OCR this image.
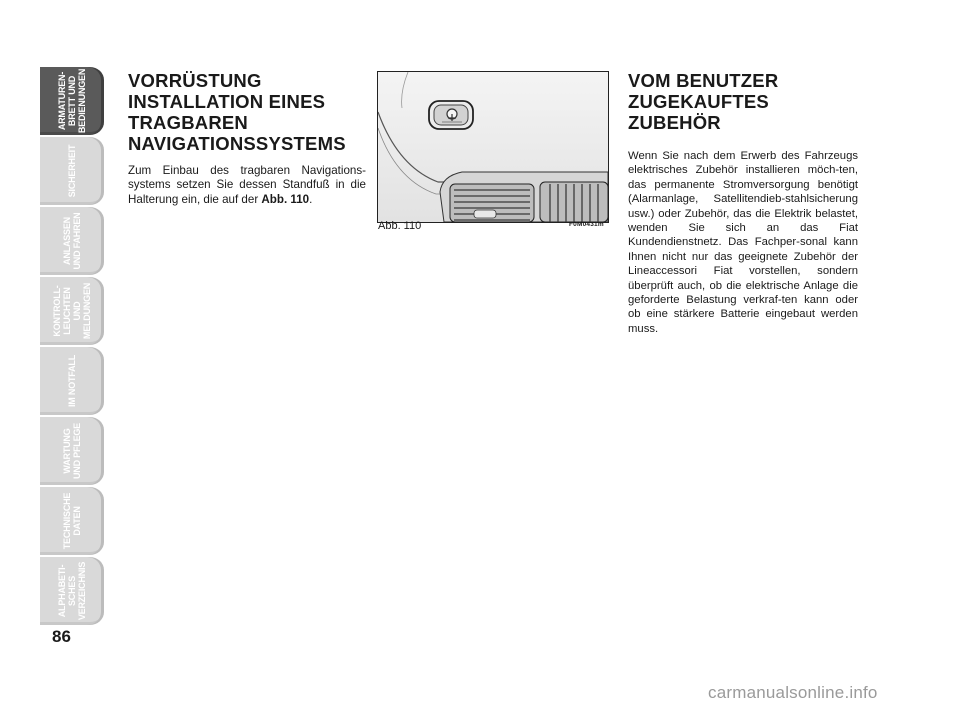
ARMATUREN-
BRETT UND
BEDIENUNGEN
SICHERHEIT
ANLASSEN
UND FAHREN
KONTROLL-
LEUCHTEN UND
MELDUNGEN
IM NOTFALL
WARTUNG
UND PFLEGE
TECHNISCHE
DATEN
ALPHABETI-
SCHES
VERZEICHNIS
86
VORRÜSTUNG
INSTALLATION EINES
TRAGBAREN
NAVIGATIONSSYSTEMS

Zum Einbau des tragbaren Navigations-systems setzen Sie dessen Standfuß in die Halterung ein, die auf der Abb. 110.

Abb. 110	F0M0431m
VOM BENUTZER
ZUGEKAUFTES
ZUBEHÖR

Wenn Sie nach dem Erwerb des Fahrzeugs elektrisches Zubehör installieren möch-ten, das permanente Stromversorgung benötigt (Alarmanlage, Satellitendieb-stahlsicherung usw.) oder Zubehör, das die Elektrik belastet, wenden Sie sich an das Fiat Kundendienstnetz. Das Fachper-sonal kann Ihnen nicht nur das geeignete Zubehör der Lineaccessori Fiat vorstellen, sondern überprüft auch, ob die elektrische Anlage die geforderte Belastung verkraf-ten kann oder ob eine stärkere Batterie eingebaut werden muss.

carmanualsonline.info
